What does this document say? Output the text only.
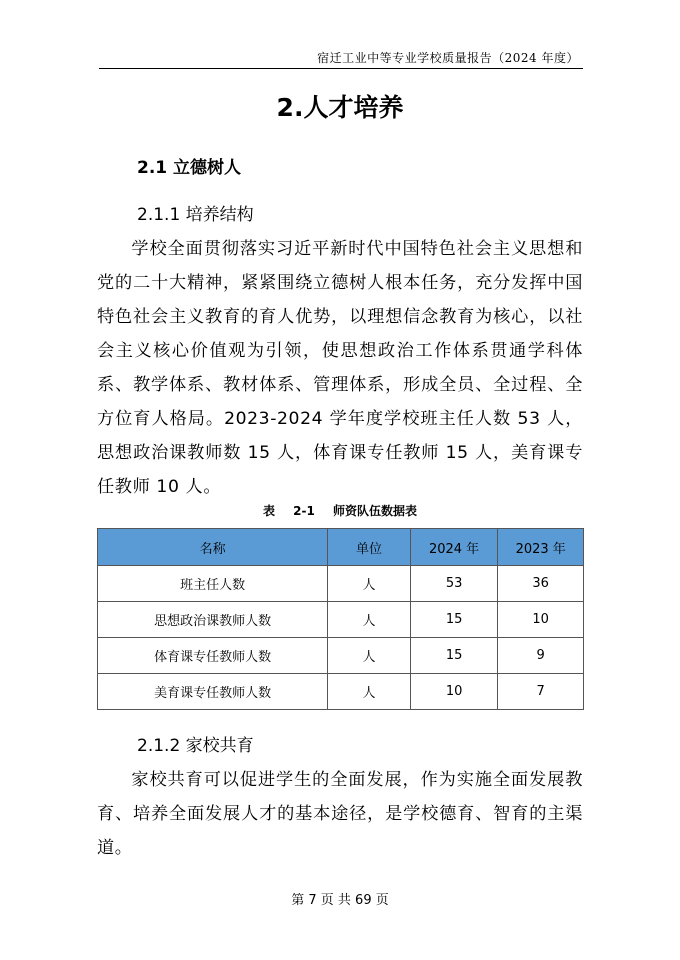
宿迁工业中等专业学校质量报告（2024 年度）
2.人才培养
2.1 立德树人
2.1.1 培养结构

学校全面贯彻落实习近平新时代中国特色社会主义思想和党的二十大精神，紧紧围绕立德树人根本任务，充分发挥中国特色社会主义教育的育人优势，以理想信念教育为核心，以社会主义核心价值观为引领，使思想政治工作体系贯通学科体系、教学体系、教材体系、管理体系，形成全员、全过程、全方位育人格局。2023-2024 学年度学校班主任人数 53 人，思想政治课教师数 15 人，体育课专任教师 15 人，美育课专任教师 10 人。

表 2-1 师资队伍数据表
名称	单位	2024 年	2023 年
班主任人数	人	53	36
思想政治课教师人数	人	15	10
体育课专任教师人数	人	15	9
美育课专任教师人数	人	10	7
2.1.2 家校共育

家校共育可以促进学生的全面发展，作为实施全面发展教育、培养全面发展人才的基本途径，是学校德育、智育的主渠道。

第 7 页 共 69 页
